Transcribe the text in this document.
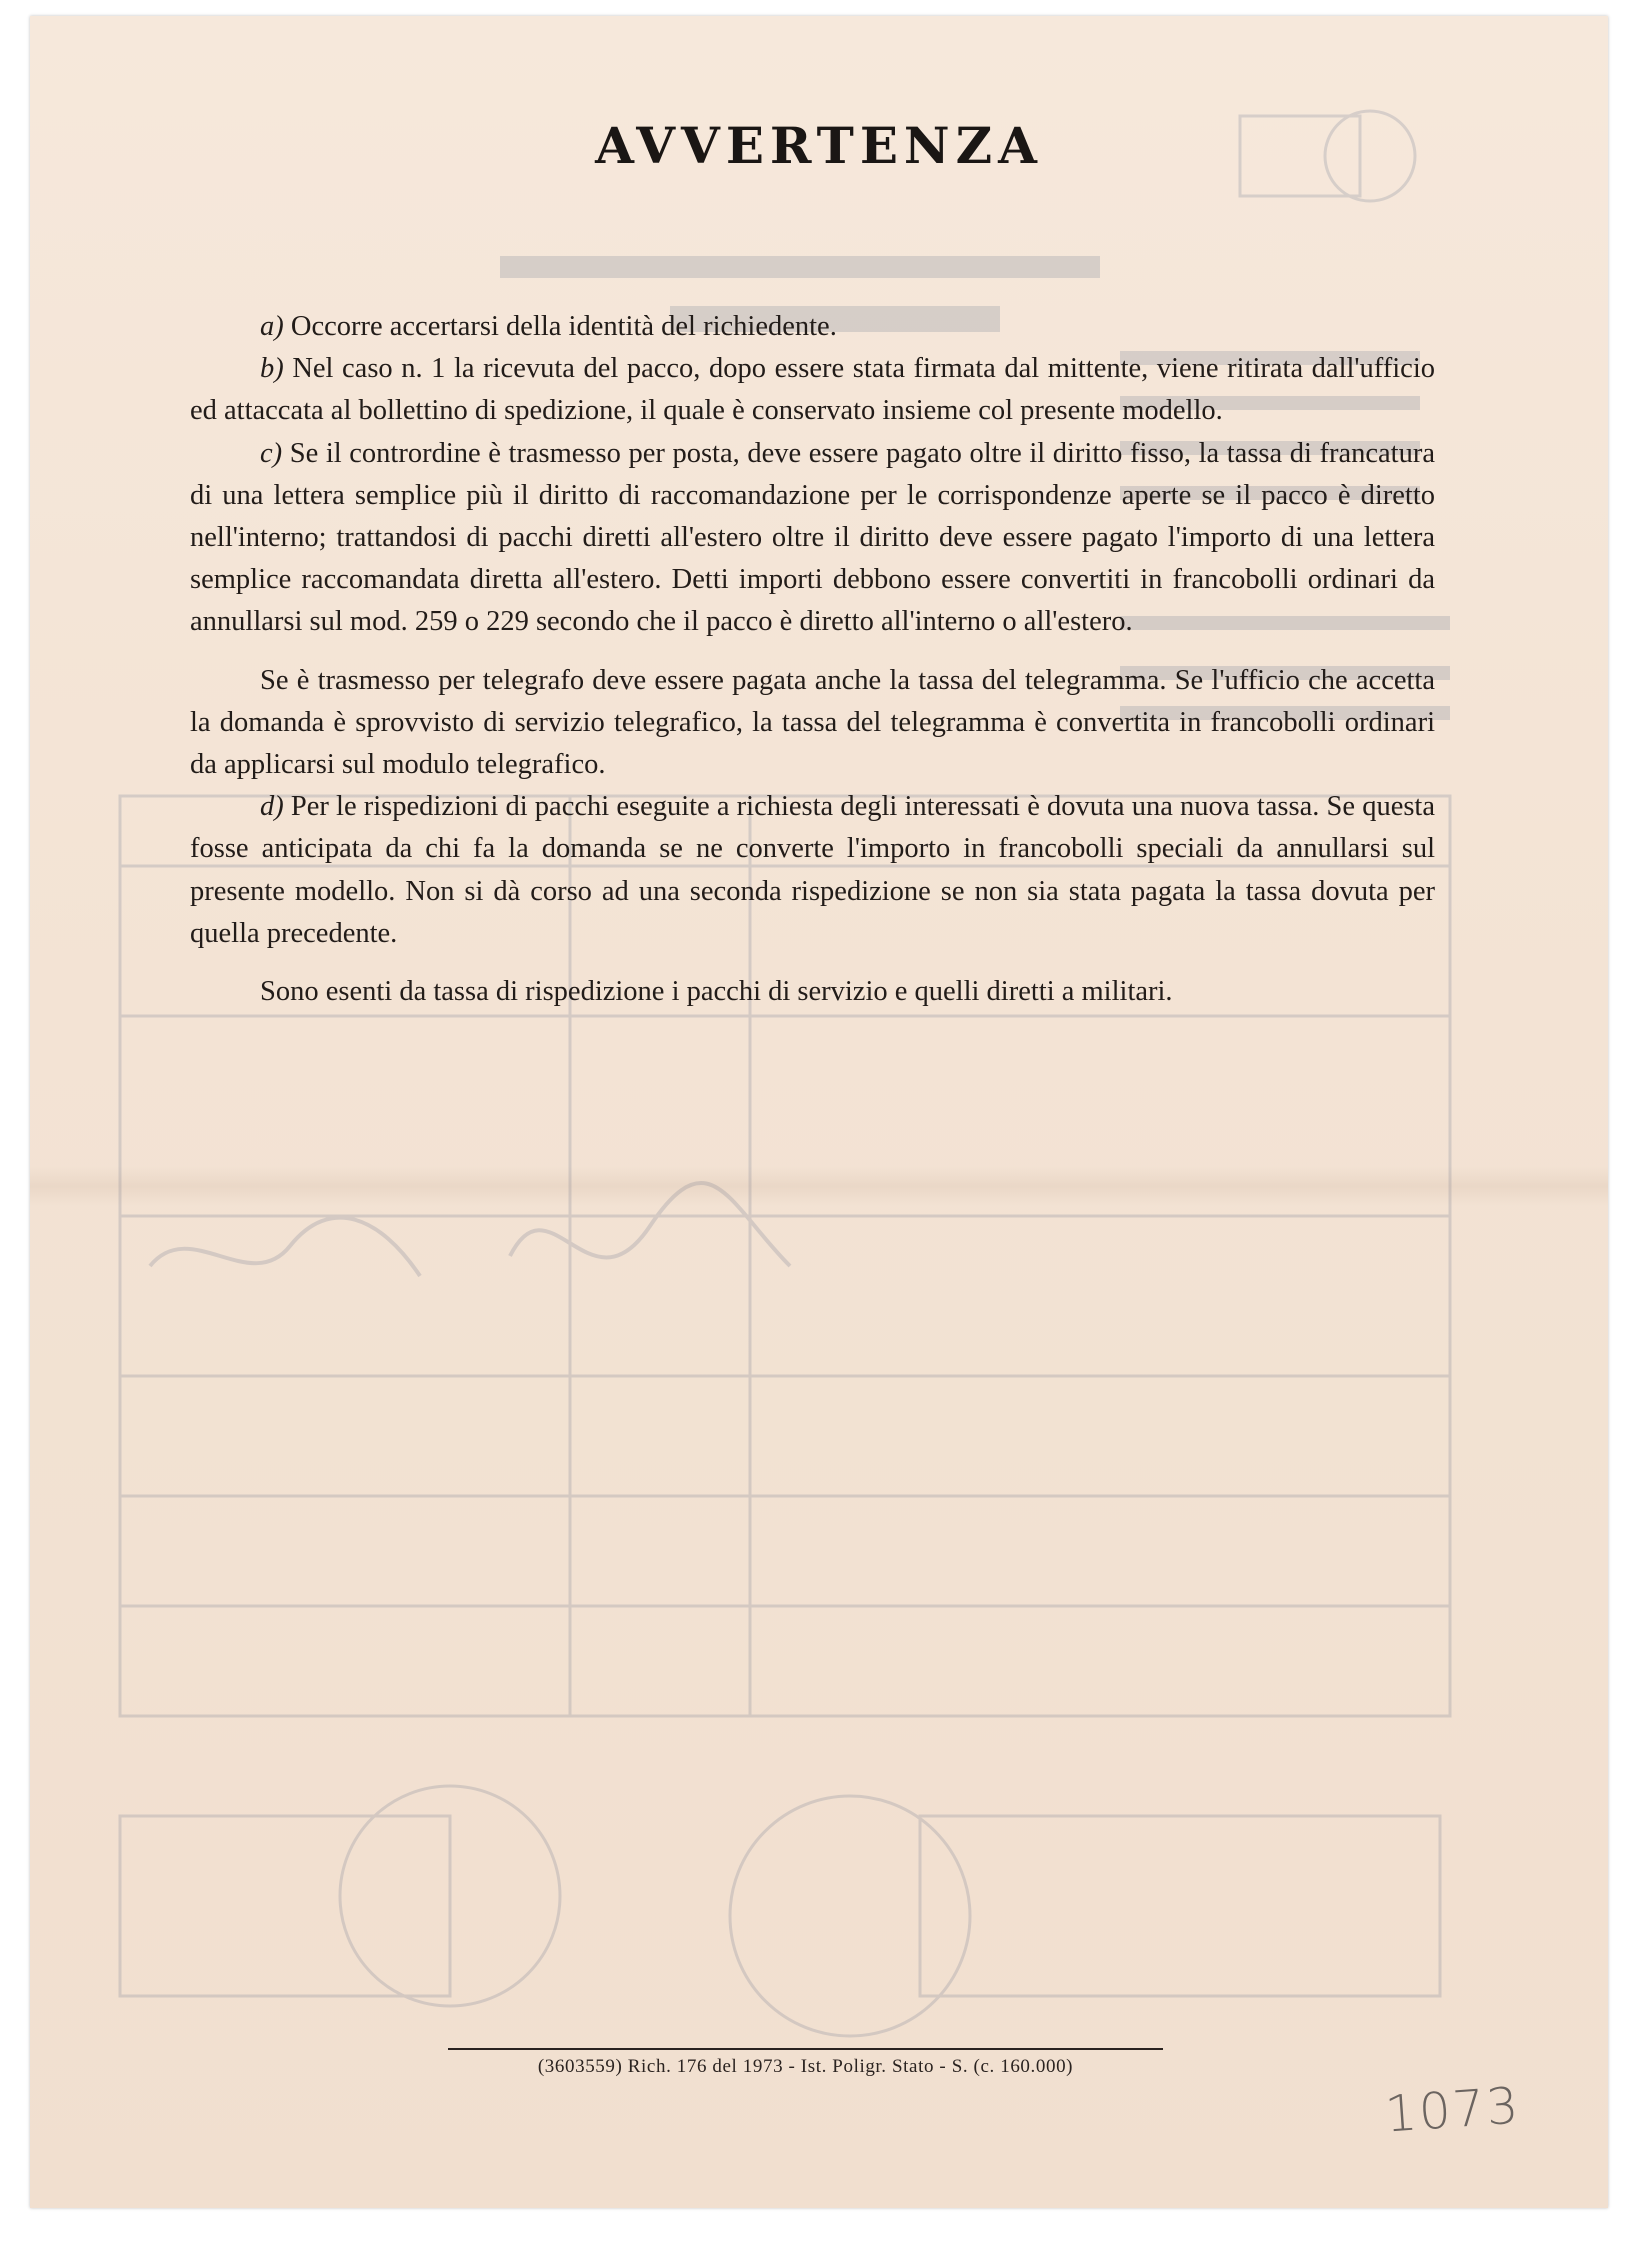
AVVERTENZA

a) Occorre accertarsi della identità del richiedente.

b) Nel caso n. 1 la ricevuta del pacco, dopo essere stata firmata dal mittente, viene ritirata dall'ufficio ed attaccata al bollettino di spedizione, il quale è conservato insieme col presente modello.

c) Se il contrordine è trasmesso per posta, deve essere pagato oltre il diritto fisso, la tassa di francatura di una lettera semplice più il diritto di raccomandazione per le corrispondenze aperte se il pacco è diretto nell'interno; trattandosi di pacchi diretti all'estero oltre il diritto deve essere pagato l'importo di una lettera semplice raccomandata diretta all'estero. Detti importi debbono essere convertiti in francobolli ordinari da annullarsi sul mod. 259 o 229 secondo che il pacco è diretto all'interno o all'estero.

Se è trasmesso per telegrafo deve essere pagata anche la tassa del telegramma. Se l'ufficio che accetta la domanda è sprovvisto di servizio telegrafico, la tassa del telegramma è convertita in francobolli ordinari da applicarsi sul modulo telegrafico.

d) Per le rispedizioni di pacchi eseguite a richiesta degli interessati è dovuta una nuova tassa. Se questa fosse anticipata da chi fa la domanda se ne converte l'importo in francobolli speciali da annullarsi sul presente modello. Non si dà corso ad una seconda rispedizione se non sia stata pagata la tassa dovuta per quella precedente.

Sono esenti da tassa di rispedizione i pacchi di servizio e quelli diretti a militari.

(3603559) Rich. 176 del 1973 - Ist. Poligr. Stato - S. (c. 160.000)
1073
